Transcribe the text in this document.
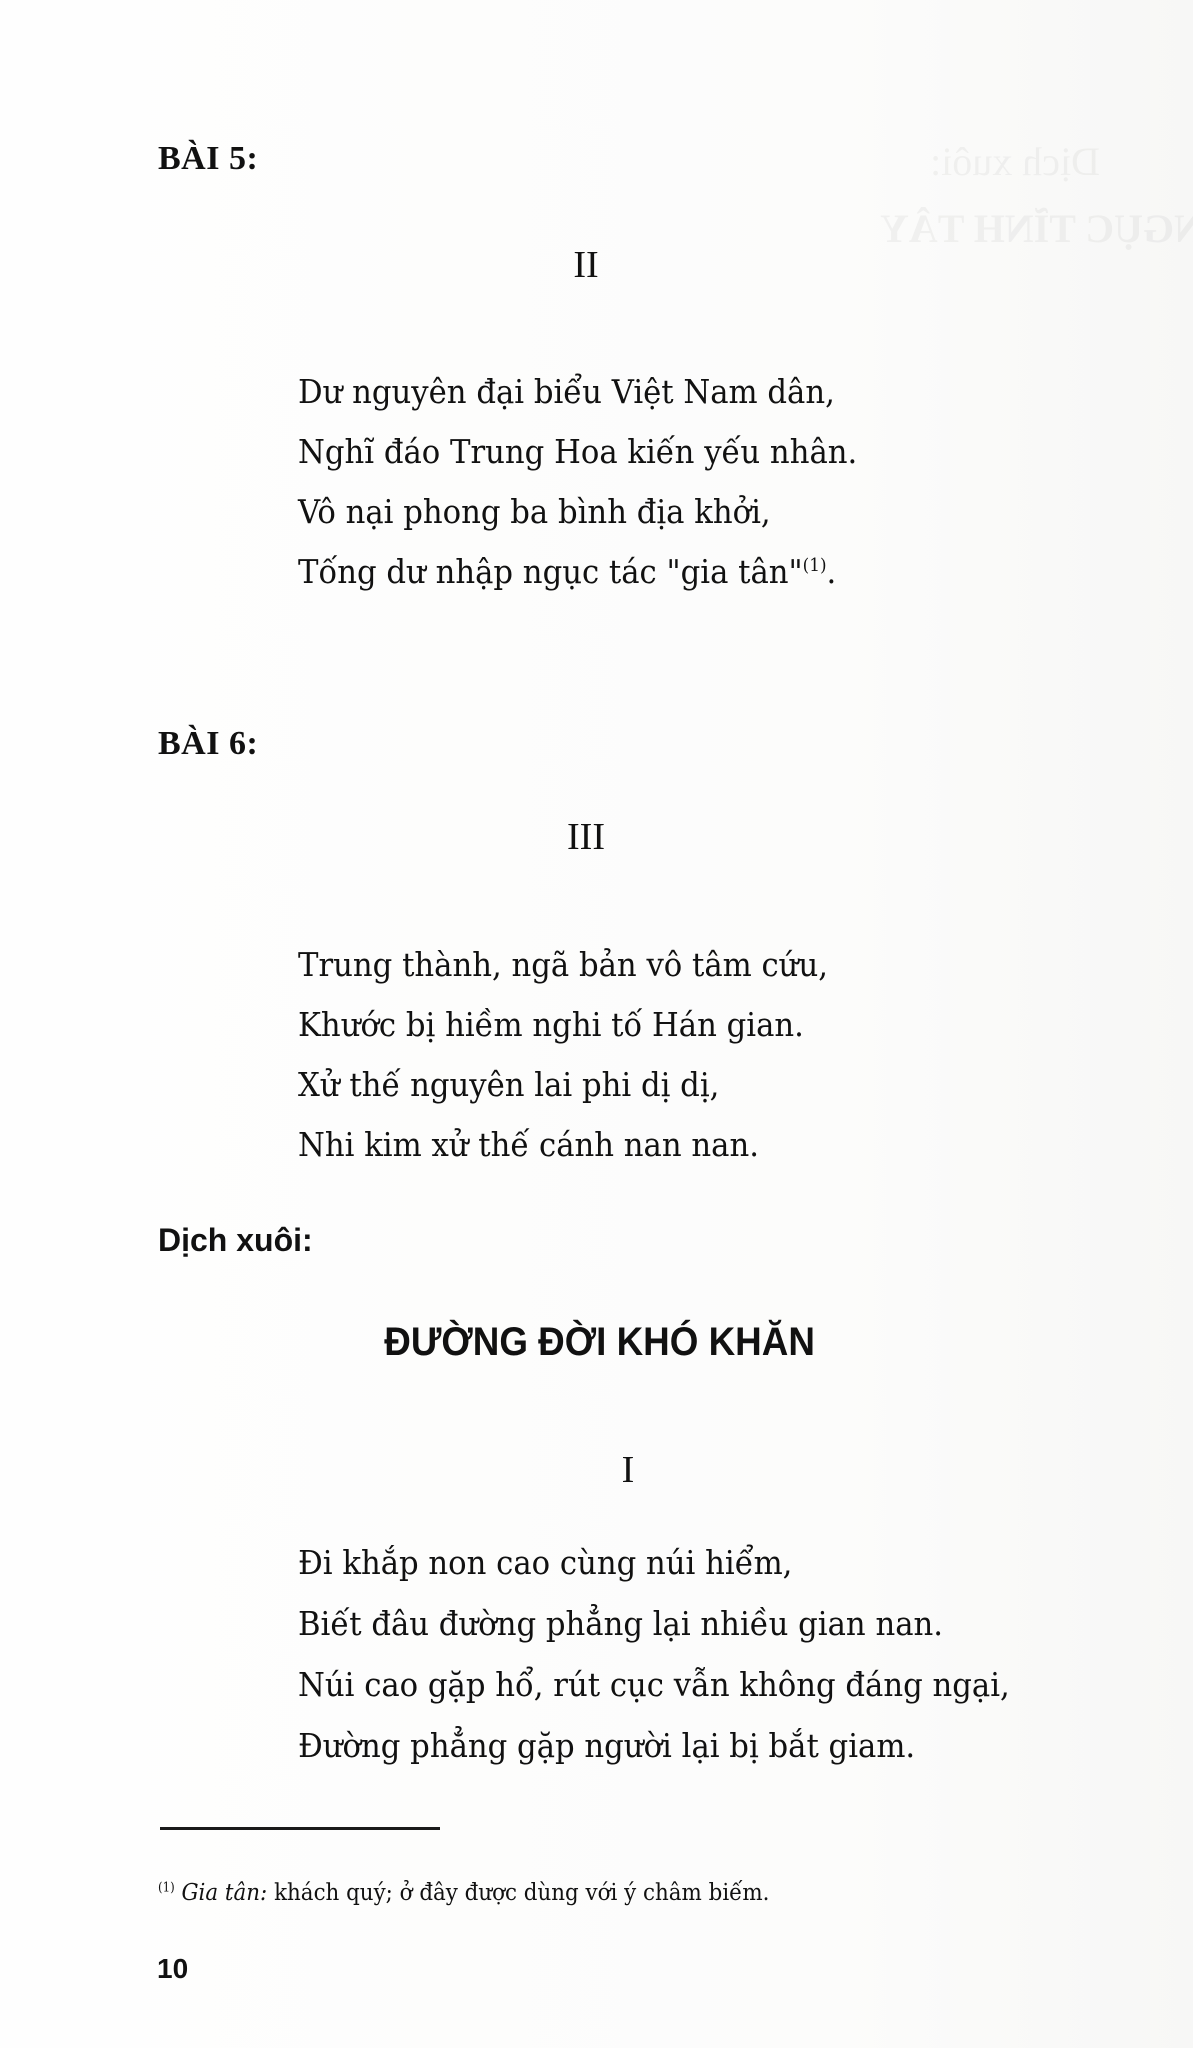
BÀI 5:
II
Dư nguyên đại biểu Việt Nam dân,
Nghĩ đáo Trung Hoa kiến yếu nhân.
Vô nại phong ba bình địa khởi,
Tống dư nhập ngục tác "gia tân"$^{(1)}$.
BÀI 6:
III
Trung thành, ngã bản vô tâm cứu,
Khước bị hiềm nghi tố Hán gian.
Xử thế nguyên lai phi dị dị,
Nhi kim xử thế cánh nan nan.
Dịch xuôi:
ĐƯỜNG ĐỜI KHÓ KHĂN
I
Đi khắp non cao cùng núi hiểm,
Biết đâu đường phẳng lại nhiều gian nan.
Núi cao gặp hổ, rút cục vẫn không đáng ngại,
Đường phẳng gặp người lại bị bắt giam.
$^{(1)}$ Gia tân: khách quý; ở đây được dùng với ý châm biếm.
10
